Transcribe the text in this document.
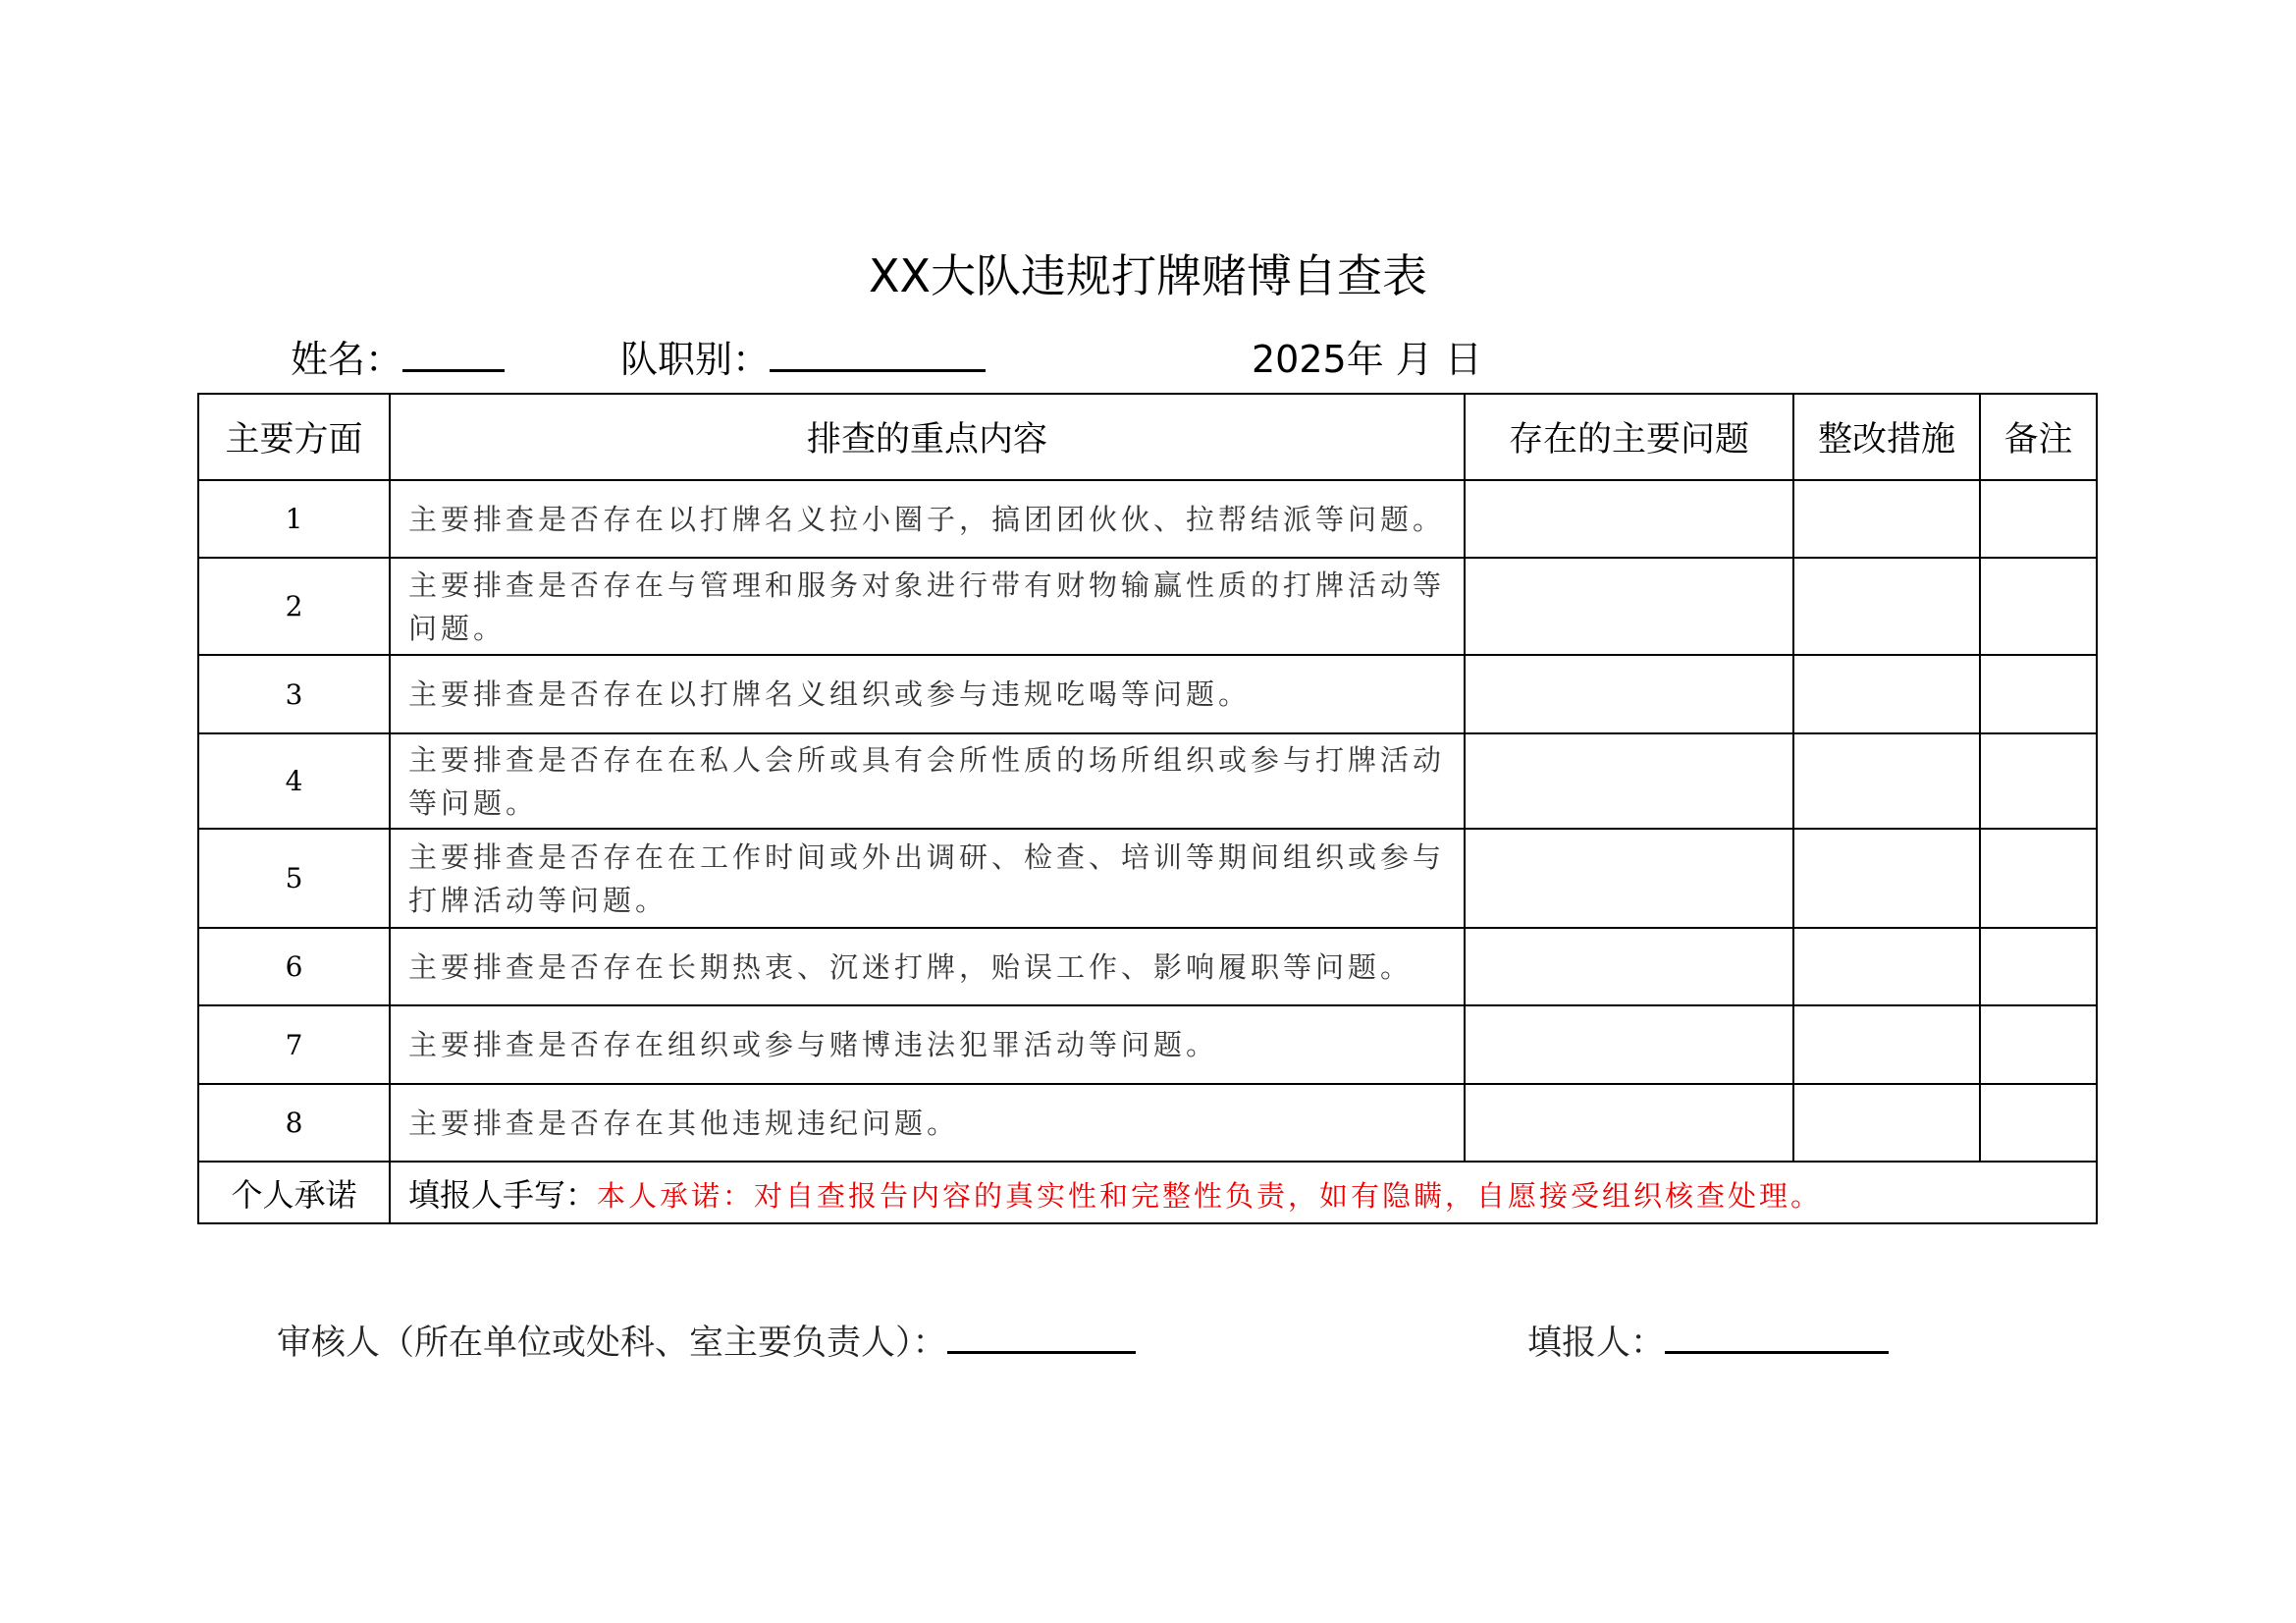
XX大队违规打牌赌博自查表
姓名：	队职别：	2025年 月 日
主要方面	排查的重点内容	存在的主要问题	整改措施	备注
1	主要排查是否存在以打牌名义拉小圈子，搞团团伙伙、拉帮结派等问题。			
2	主要排查是否存在与管理和服务对象进行带有财物输赢性质的打牌活动等问题。			
3	主要排查是否存在以打牌名义组织或参与违规吃喝等问题。			
4	主要排查是否存在在私人会所或具有会所性质的场所组织或参与打牌活动等问题。			
5	主要排查是否存在在工作时间或外出调研、检查、培训等期间组织或参与打牌活动等问题。			
6	主要排查是否存在长期热衷、沉迷打牌，贻误工作、影响履职等问题。			
7	主要排查是否存在组织或参与赌博违法犯罪活动等问题。			
8	主要排查是否存在其他违规违纪问题。			
个人承诺	填报人手写：本人承诺：对自查报告内容的真实性和完整性负责，如有隐瞒，自愿接受组织核查处理。			
审核人（所在单位或处科、室主要负责人）：	填报人：
